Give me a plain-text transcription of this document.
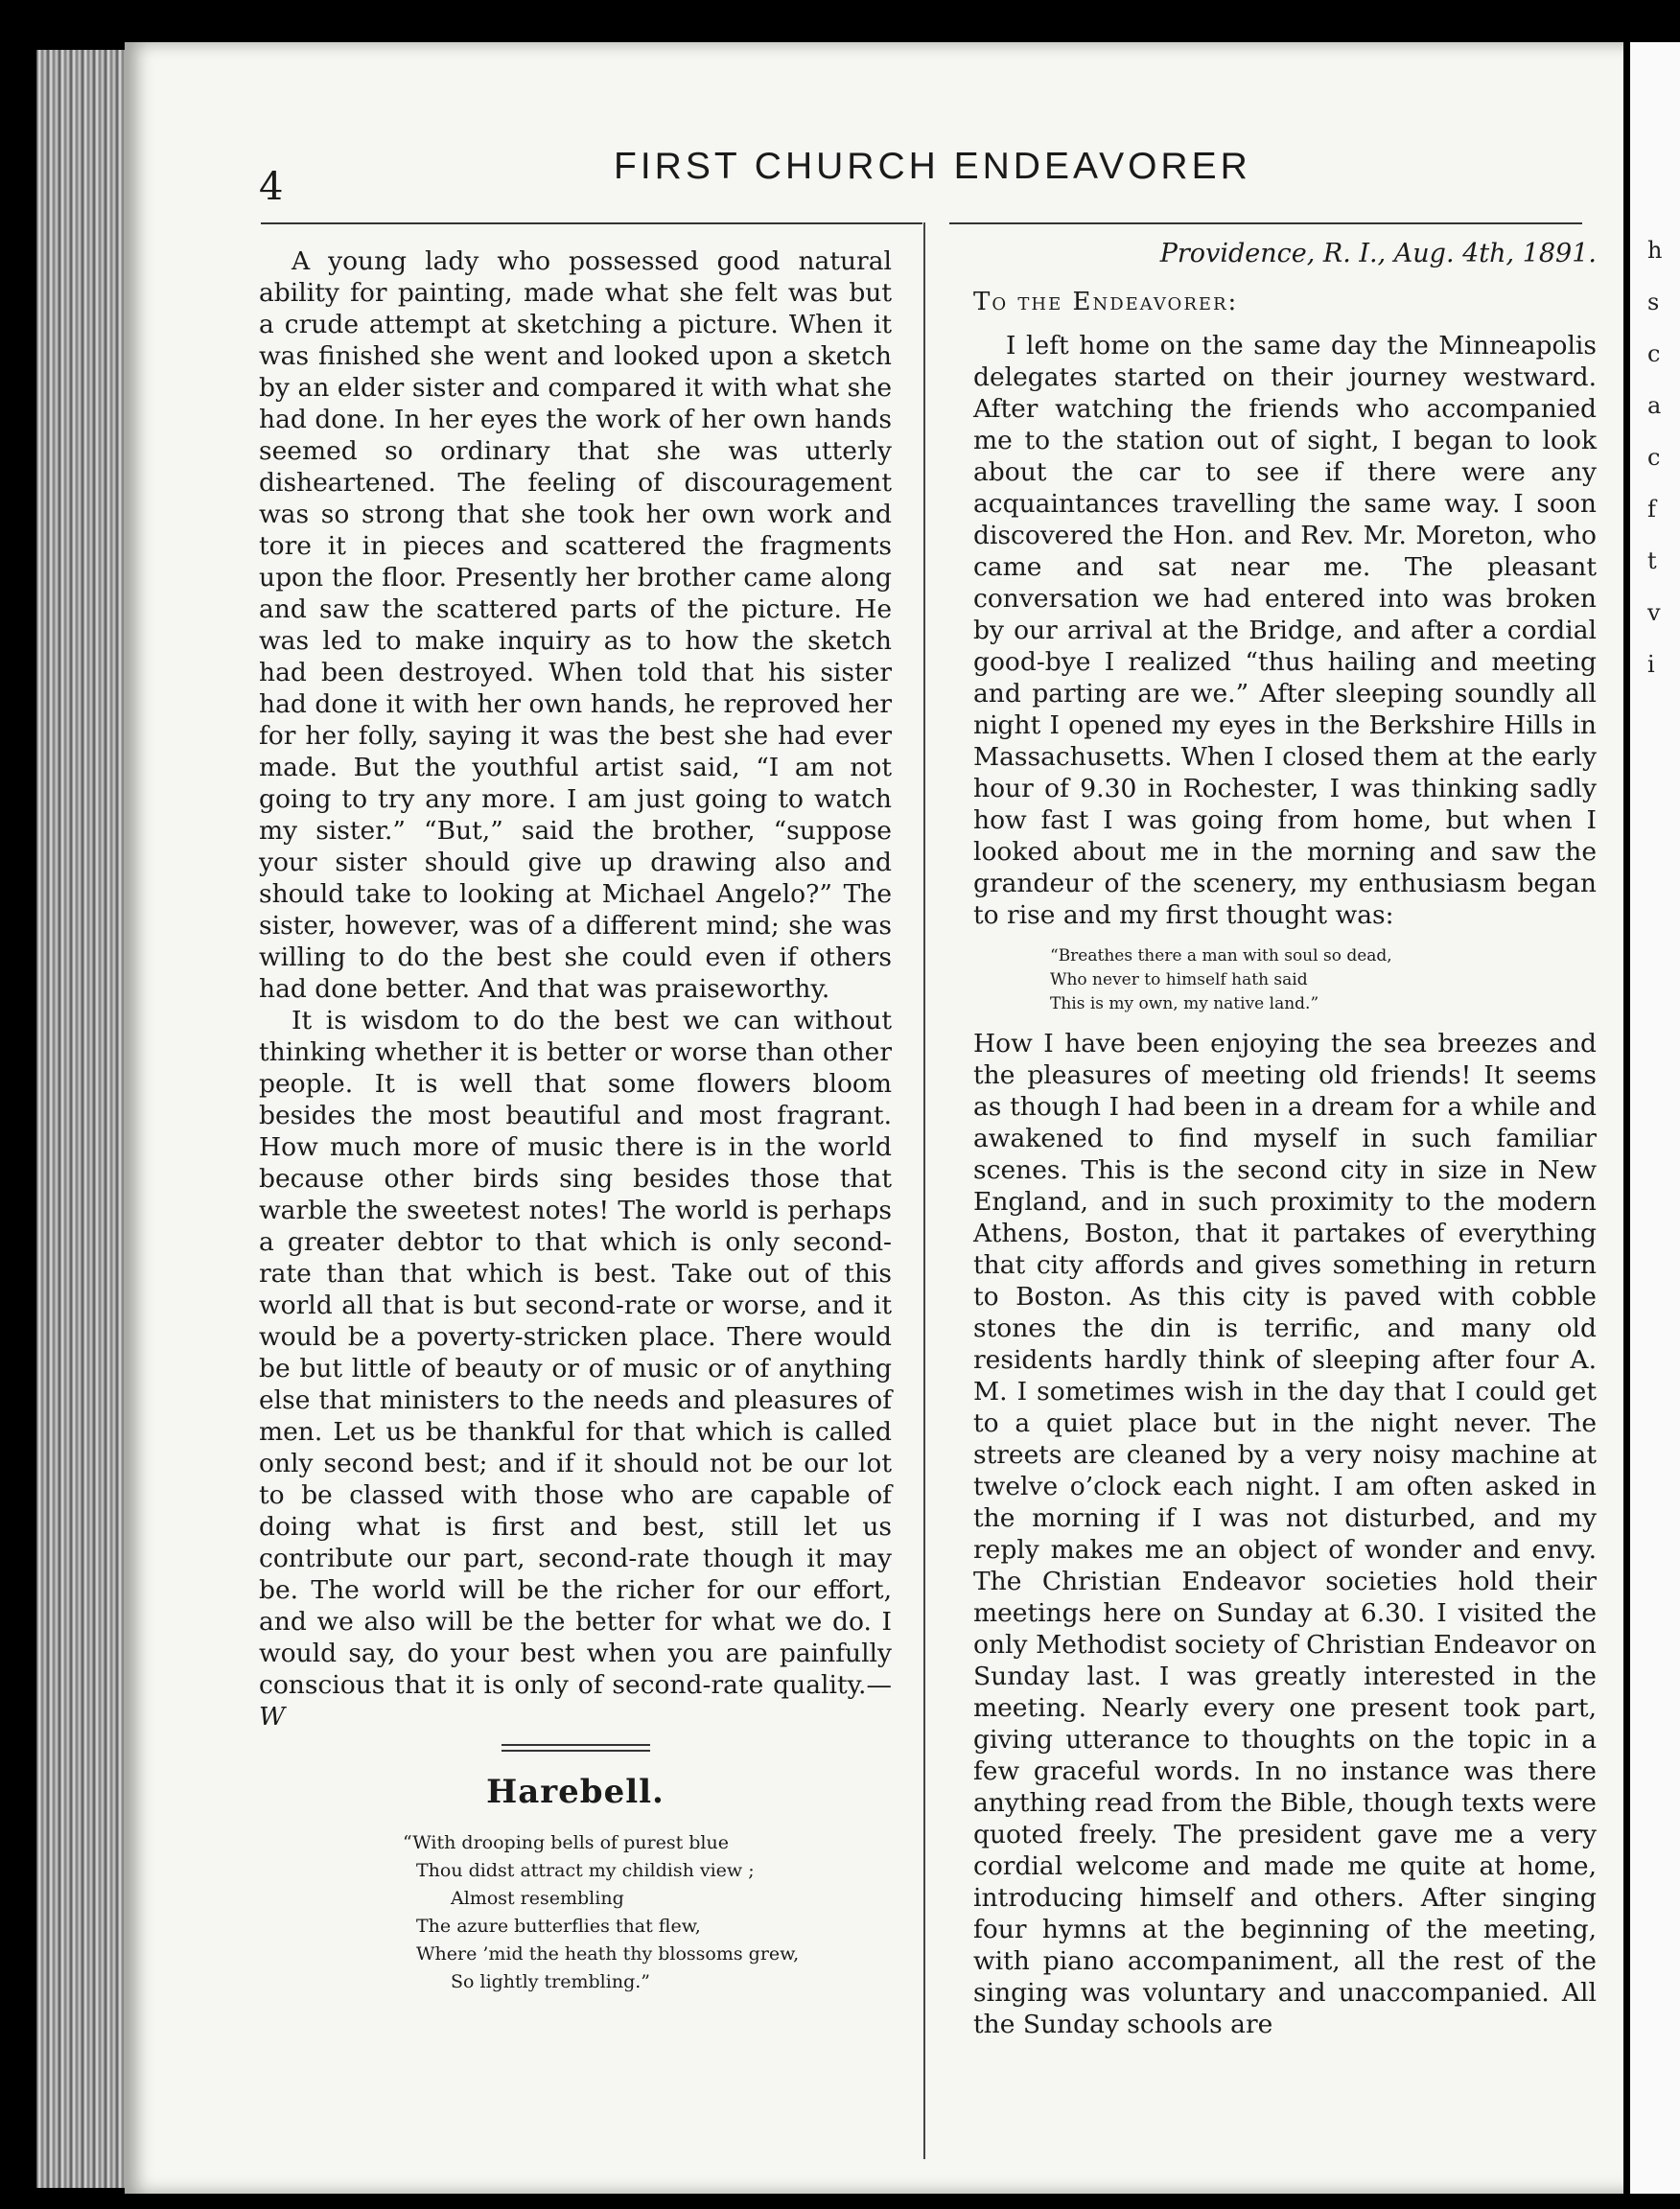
4	FIRST CHURCH ENDEAVORER

A young lady who possessed good natural ability for painting, made what she felt was but a crude attempt at sketching a picture. When it was finished she went and looked upon a sketch by an elder sister and compared it with what she had done. In her eyes the work of her own hands seemed so ordinary that she was utterly disheartened. The feeling of discouragement was so strong that she took her own work and tore it in pieces and scattered the fragments upon the floor. Presently her brother came along and saw the scattered parts of the picture. He was led to make inquiry as to how the sketch had been destroyed. When told that his sister had done it with her own hands, he reproved her for her folly, saying it was the best she had ever made. But the youthful artist said, “I am not going to try any more. I am just going to watch my sister.” “But,” said the brother, “suppose your sister should give up drawing also and should take to looking at Michael Angelo?” The sister, however, was of a different mind; she was willing to do the best she could even if others had done better. And that was praiseworthy.

It is wisdom to do the best we can without thinking whether it is better or worse than other people. It is well that some flowers bloom besides the most beautiful and most fragrant. How much more of music there is in the world because other birds sing besides those that warble the sweetest notes! The world is perhaps a greater debtor to that which is only second-rate than that which is best. Take out of this world all that is but second-rate or worse, and it would be a poverty-stricken place. There would be but little of beauty or of music or of anything else that ministers to the needs and pleasures of men. Let us be thankful for that which is called only second best; and if it should not be our lot to be classed with those who are capable of doing what is first and best, still let us contribute our part, second-rate though it may be. The world will be the richer for our effort, and we also will be the better for what we do. I would say, do your best when you are painfully conscious that it is only of second-rate quality.—W

Harebell.
“With drooping bells of purest blue
Thou didst attract my childish view ;
Almost resembling
The azure butterflies that flew,
Where ’mid the heath thy blossoms grew,
So lightly trembling.”
Providence, R. I., Aug. 4th, 1891.
To the Endeavorer:

I left home on the same day the Minneapolis delegates started on their journey westward. After watching the friends who accompanied me to the station out of sight, I began to look about the car to see if there were any acquaintances travelling the same way. I soon discovered the Hon. and Rev. Mr. Moreton, who came and sat near me. The pleasant conversation we had entered into was broken by our arrival at the Bridge, and after a cordial good-bye I realized “thus hailing and meeting and parting are we.” After sleeping soundly all night I opened my eyes in the Berkshire Hills in Massachusetts. When I closed them at the early hour of 9.30 in Rochester, I was thinking sadly how fast I was going from home, but when I looked about me in the morning and saw the grandeur of the scenery, my enthusiasm began to rise and my first thought was:

“Breathes there a man with soul so dead,
Who never to himself hath said
This is my own, my native land.”

How I have been enjoying the sea breezes and the pleasures of meeting old friends! It seems as though I had been in a dream for a while and awakened to find myself in such familiar scenes. This is the second city in size in New England, and in such proximity to the modern Athens, Boston, that it partakes of everything that city affords and gives something in return to Boston. As this city is paved with cobble stones the din is terrific, and many old residents hardly think of sleeping after four A. M. I sometimes wish in the day that I could get to a quiet place but in the night never. The streets are cleaned by a very noisy machine at twelve o’clock each night. I am often asked in the morning if I was not disturbed, and my reply makes me an object of wonder and envy. The Christian Endeavor societies hold their meetings here on Sunday at 6.30. I visited the only Methodist society of Christian Endeavor on Sunday last. I was greatly interested in the meeting. Nearly every one present took part, giving utterance to thoughts on the topic in a few graceful words. In no instance was there anything read from the Bible, though texts were quoted freely. The president gave me a very cordial welcome and made me quite at home, introducing himself and others. After singing four hymns at the beginning of the meeting, with piano accompaniment, all the rest of the singing was voluntary and unaccompanied. All the Sunday schools are

h
s
c
a
c
f
t
v
i
